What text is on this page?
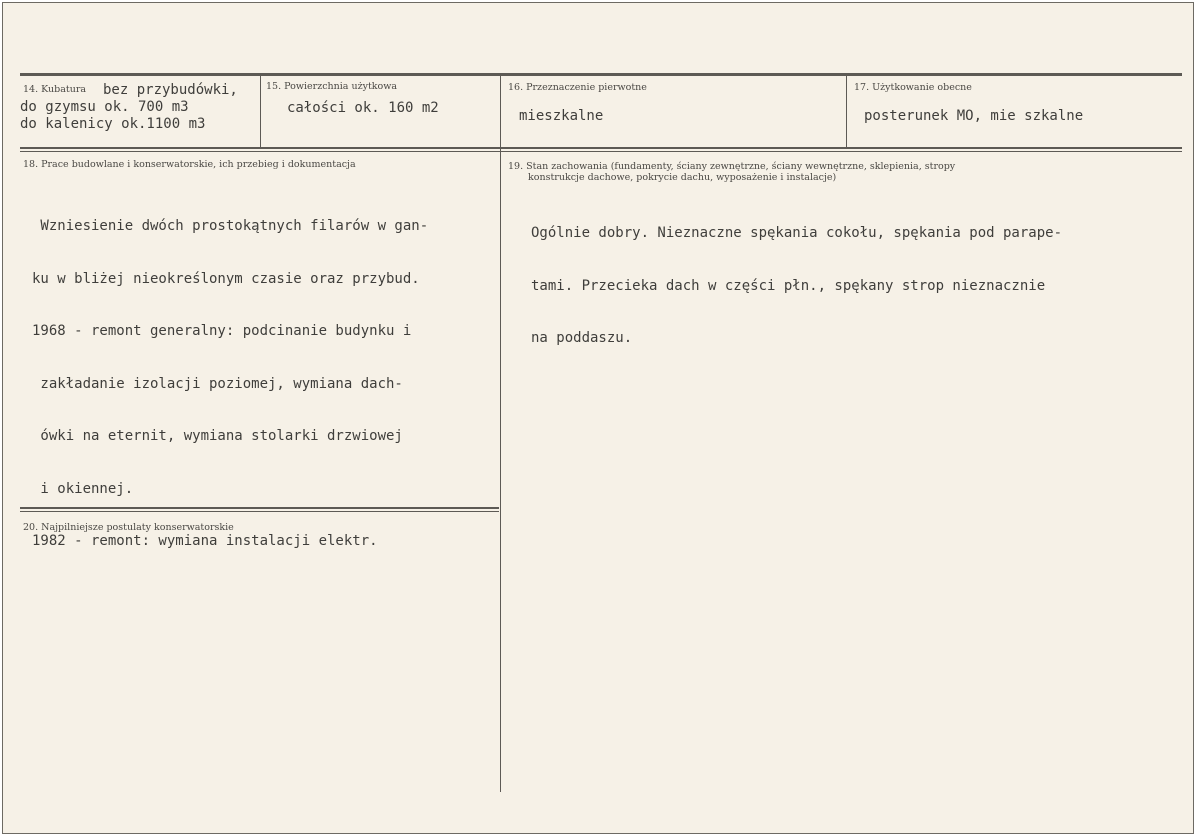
14. Kubatura bez przybudówki,
do gzymsu ok. 700 m3
do kalenicy ok.1100 m3
15. Powierzchnia użytkowa
całości ok. 160 m2
16. Przeznaczenie pierwotne
mieszkalne
17. Użytkowanie obecne
posterunek MO, mie szkalne
18. Prace budowlane i konserwatorskie, ich przebieg i dokumentacja

Wzniesienie dwóch prostokątnych filarów w gan-

ku w bliżej nieokreślonym czasie oraz przybud.

1968 - remont generalny: podcinanie budynku i

zakładanie izolacji poziomej, wymiana dach-

ówki na eternit, wymiana stolarki drzwiowej

i okiennej.

1982 - remont: wymiana instalacji elektr.

19. Stan zachowania (fundamenty, ściany zewnętrzne, ściany wewnętrzne, sklepienia, stropy
konstrukcje dachowe, pokrycie dachu, wyposażenie i instalacje)

Ogólnie dobry. Nieznaczne spękania cokołu, spękania pod parape-

tami. Przecieka dach w części płn., spękany strop nieznacznie

na poddaszu.

20. Najpilniejsze postulaty konserwatorskie
